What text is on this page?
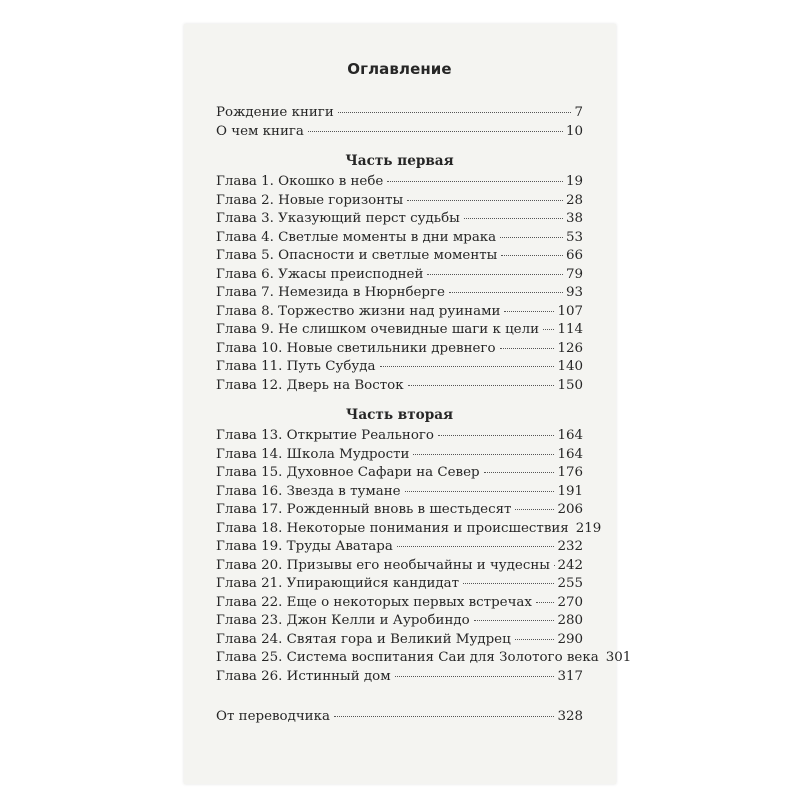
Оглавление
Рождение книги	7
О чем книга	10
Часть первая
Глава 1. Окошко в небе	19
Глава 2. Новые горизонты	28
Глава 3. Указующий перст судьбы	38
Глава 4. Светлые моменты в дни мрака	53
Глава 5. Опасности и светлые моменты	66
Глава 6. Ужасы преисподней	79
Глава 7. Немезида в Нюрнберге	93
Глава 8. Торжество жизни над руинами	107
Глава 9. Не слишком очевидные шаги к цели 114
Глава 10. Новые светильники древнего	126
Глава 11. Путь Субуда	140
Глава 12. Дверь на Восток	150
Часть вторая
Глава 13. Открытие Реального	164
Глава 14. Школа Мудрости	164
Глава 15. Духовное Сафари на Север	176
Глава 16. Звезда в тумане	191
Глава 17. Рожденный вновь в шестьдесят	206
Глава 18. Некоторые понимания и происшествия 219
Глава 19. Труды Аватара	232
Глава 20. Призывы его необычайны и чудесны 242
Глава 21. Упирающийся кандидат	255
Глава 22. Еще о некоторых первых встречах 270
Глава 23. Джон Келли и Ауробиндо	280
Глава 24. Святая гора и Великий Мудрец	290
Глава 25. Система воспитания Саи для Золотого века 301
Глава 26. Истинный дом	317
От переводчика	328
